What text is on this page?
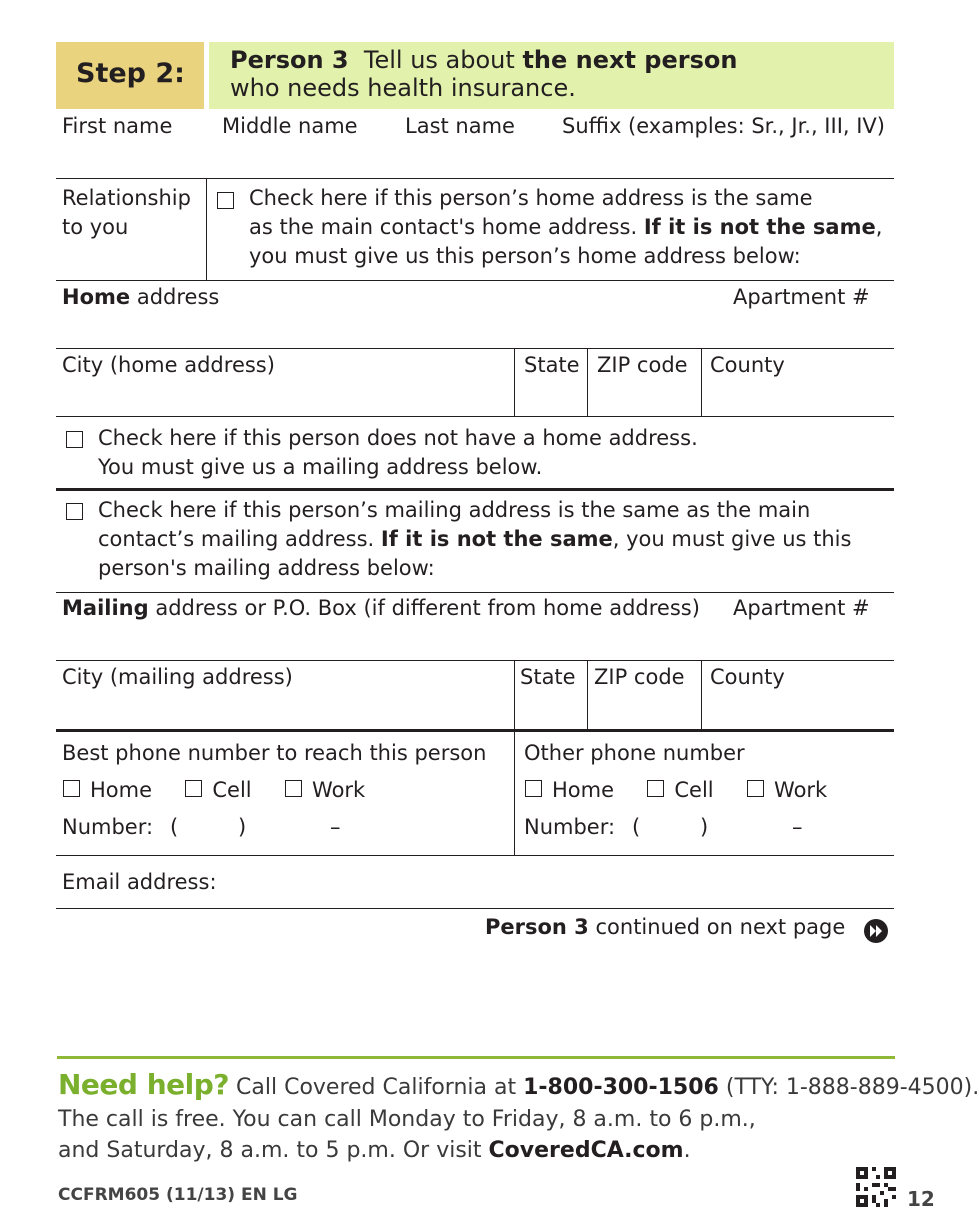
Step 2: Person 3 Tell us about the next person
who needs health insurance.
First name Middle name Last name Suffix (examples: Sr., Jr., III, IV)
Relationship
to you
Check here if this person’s home address is the same
as the main contact's home address. If it is not the same,
you must give us this person’s home address below:
Home address	Apartment #
City (home address)	State ZIP code County
Check here if this person does not have a home address.
You must give us a mailing address below.
Check here if this person’s mailing address is the same as the main
contact’s mailing address. If it is not the same, you must give us this
person's mailing address below:
Mailing address or P.O. Box (if different from home address) Apartment #
City (mailing address)	State ZIP code County
Best phone number to reach this person
Home	Cell	Work
Number: (	)	–
Other phone number
Home	Cell	Work
Number: (	)	–
Email address:
Person 3 continued on next page
Need help? Call Covered California at 1-800-300-1506 (TTY: 1-888-889-4500).
The call is free. You can call Monday to Friday, 8 a.m. to 6 p.m.,
and Saturday, 8 a.m. to 5 p.m. Or visit CoveredCA.com.
CCFRM605 (11/13) EN LG	12
